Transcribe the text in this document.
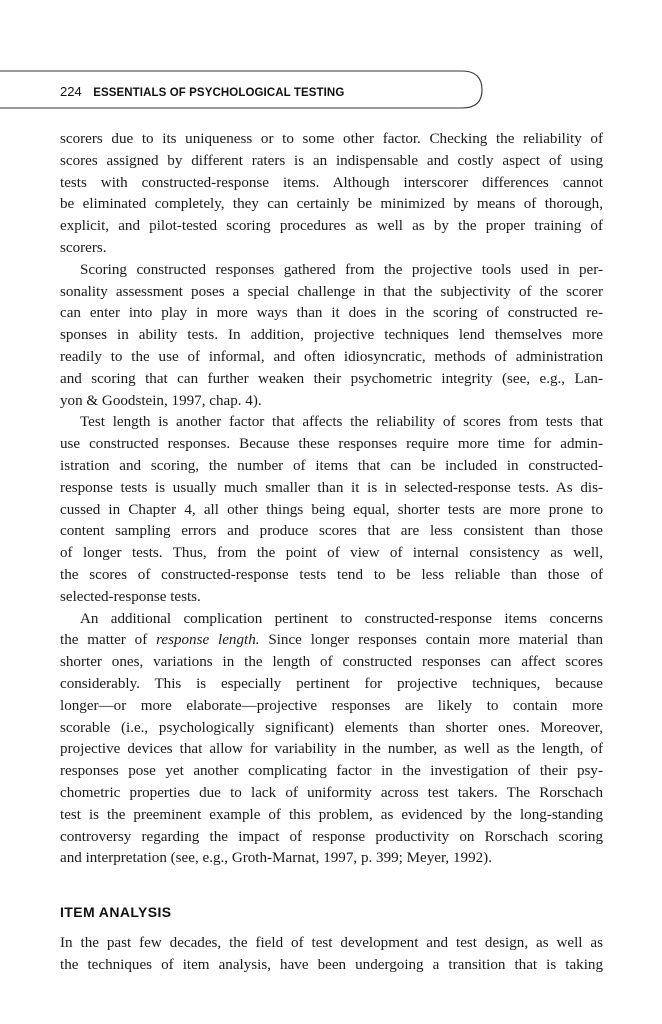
224 ESSENTIALS OF PSYCHOLOGICAL TESTING
scorers due to its uniqueness or to some other factor. Checking the reliability of
scores assigned by different raters is an indispensable and costly aspect of using
tests with constructed-response items. Although interscorer differences cannot
be eliminated completely, they can certainly be minimized by means of thorough,
explicit, and pilot-tested scoring procedures as well as by the proper training of
scorers.
Scoring constructed responses gathered from the projective tools used in per-
sonality assessment poses a special challenge in that the subjectivity of the scorer
can enter into play in more ways than it does in the scoring of constructed re-
sponses in ability tests. In addition, projective techniques lend themselves more
readily to the use of informal, and often idiosyncratic, methods of administration
and scoring that can further weaken their psychometric integrity (see, e.g., Lan-
yon & Goodstein, 1997, chap. 4).
Test length is another factor that affects the reliability of scores from tests that
use constructed responses. Because these responses require more time for admin-
istration and scoring, the number of items that can be included in constructed-
response tests is usually much smaller than it is in selected-response tests. As dis-
cussed in Chapter 4, all other things being equal, shorter tests are more prone to
content sampling errors and produce scores that are less consistent than those
of longer tests. Thus, from the point of view of internal consistency as well,
the scores of constructed-response tests tend to be less reliable than those of
selected-response tests.
An additional complication pertinent to constructed-response items concerns
the matter of response length. Since longer responses contain more material than
shorter ones, variations in the length of constructed responses can affect scores
considerably. This is especially pertinent for projective techniques, because
longer—or more elaborate—projective responses are likely to contain more
scorable (i.e., psychologically significant) elements than shorter ones. Moreover,
projective devices that allow for variability in the number, as well as the length, of
responses pose yet another complicating factor in the investigation of their psy-
chometric properties due to lack of uniformity across test takers. The Rorschach
test is the preeminent example of this problem, as evidenced by the long-standing
controversy regarding the impact of response productivity on Rorschach scoring
and interpretation (see, e.g., Groth-Marnat, 1997, p. 399; Meyer, 1992).
ITEM ANALYSIS
In the past few decades, the field of test development and test design, as well as
the techniques of item analysis, have been undergoing a transition that is taking
